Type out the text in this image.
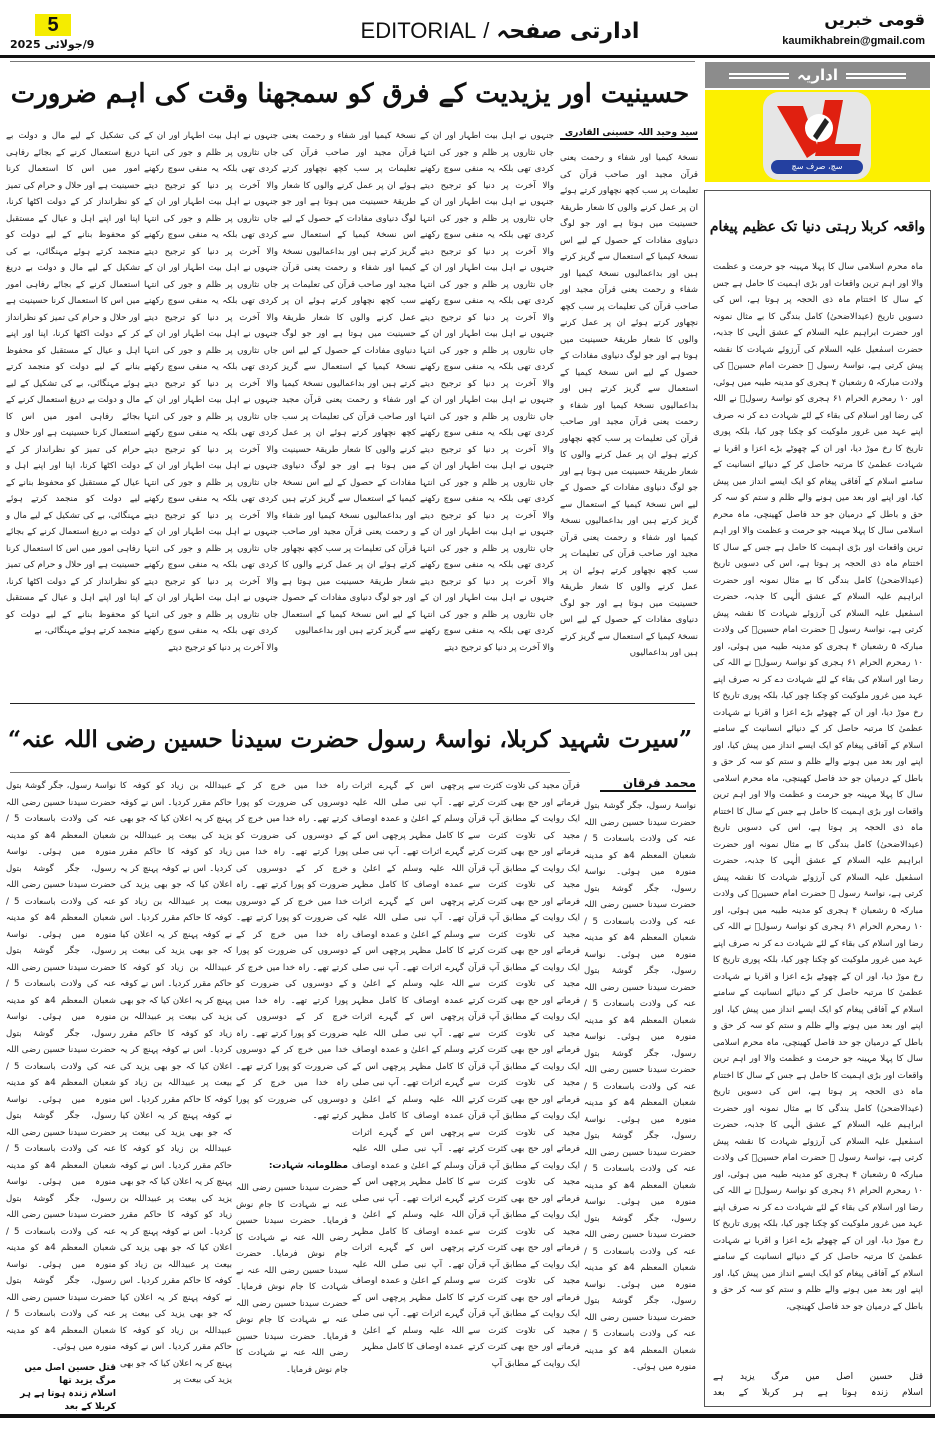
5
9/جولائی 2025
EDITORIAL / ادارتی صفحہ	قومی خبریں
kaumikhabrein@gmail.com
حسینیت اور یزیدیت کے فرق کو سمجھنا وقت کی اہم ضرورت
سید وحید اللہ حسینی القادری
نسخۂ کیمیا اور شفاء و رحمت یعنی قرآن مجید اور صاحب قرآن کی تعلیمات پر سب کچھ نچھاور کرتے ہوئے ان پر عمل کرنے والوں کا شعار طریقۂ حسینیت میں ہوتا ہے اور جو لوگ دنیاوی مفادات کے حصول کے لیے اس نسخۂ کیمیا کے استعمال سے گریز کرتے ہیں اور بداعمالیوں نسخۂ کیمیا اور شفاء و رحمت یعنی قرآن مجید اور صاحب قرآن کی تعلیمات پر سب کچھ نچھاور کرتے ہوئے ان پر عمل کرنے والوں کا شعار طریقۂ حسینیت میں ہوتا ہے اور جو لوگ دنیاوی مفادات کے حصول کے لیے اس نسخۂ کیمیا کے استعمال سے گریز کرتے ہیں اور بداعمالیوں نسخۂ کیمیا اور شفاء و رحمت یعنی قرآن مجید اور صاحب قرآن کی تعلیمات پر سب کچھ نچھاور کرتے ہوئے ان پر عمل کرنے والوں کا شعار طریقۂ حسینیت میں ہوتا ہے اور جو لوگ دنیاوی مفادات کے حصول کے لیے اس نسخۂ کیمیا کے استعمال سے گریز کرتے ہیں اور بداعمالیوں نسخۂ کیمیا اور شفاء و رحمت یعنی قرآن مجید اور صاحب قرآن کی تعلیمات پر سب کچھ نچھاور کرتے ہوئے ان پر عمل کرنے والوں کا شعار طریقۂ حسینیت میں ہوتا ہے اور جو لوگ دنیاوی مفادات کے حصول کے لیے اس نسخۂ کیمیا کے استعمال سے گریز کرتے ہیں اور بداعمالیوں
جنہوں نے اہل بیت اطہار اور ان کے جاں نثاروں پر ظلم و جور کی انتہا کردی تھی بلکہ یہ منفی سوچ رکھنے والا آخرت پر دنیا کو ترجیح دیتے جنہوں نے اہل بیت اطہار اور ان کے جاں نثاروں پر ظلم و جور کی انتہا کردی تھی بلکہ یہ منفی سوچ رکھنے والا آخرت پر دنیا کو ترجیح دیتے جنہوں نے اہل بیت اطہار اور ان کے جاں نثاروں پر ظلم و جور کی انتہا کردی تھی بلکہ یہ منفی سوچ رکھنے والا آخرت پر دنیا کو ترجیح دیتے جنہوں نے اہل بیت اطہار اور ان کے جاں نثاروں پر ظلم و جور کی انتہا کردی تھی بلکہ یہ منفی سوچ رکھنے والا آخرت پر دنیا کو ترجیح دیتے جنہوں نے اہل بیت اطہار اور ان کے جاں نثاروں پر ظلم و جور کی انتہا کردی تھی بلکہ یہ منفی سوچ رکھنے والا آخرت پر دنیا کو ترجیح دیتے جنہوں نے اہل بیت اطہار اور ان کے جاں نثاروں پر ظلم و جور کی انتہا کردی تھی بلکہ یہ منفی سوچ رکھنے والا آخرت پر دنیا کو ترجیح دیتے جنہوں نے اہل بیت اطہار اور ان کے جاں نثاروں پر ظلم و جور کی انتہا کردی تھی بلکہ یہ منفی سوچ رکھنے والا آخرت پر دنیا کو ترجیح دیتے جنہوں نے اہل بیت اطہار اور ان کے جاں نثاروں پر ظلم و جور کی انتہا کردی تھی بلکہ یہ منفی سوچ رکھنے والا آخرت پر دنیا کو ترجیح دیتے
نسخۂ کیمیا اور شفاء و رحمت یعنی قرآن مجید اور صاحب قرآن کی تعلیمات پر سب کچھ نچھاور کرتے ہوئے ان پر عمل کرنے والوں کا شعار طریقۂ حسینیت میں ہوتا ہے اور جو لوگ دنیاوی مفادات کے حصول کے لیے اس نسخۂ کیمیا کے استعمال سے گریز کرتے ہیں اور بداعمالیوں نسخۂ کیمیا اور شفاء و رحمت یعنی قرآن مجید اور صاحب قرآن کی تعلیمات پر سب کچھ نچھاور کرتے ہوئے ان پر عمل کرنے والوں کا شعار طریقۂ حسینیت میں ہوتا ہے اور جو لوگ دنیاوی مفادات کے حصول کے لیے اس نسخۂ کیمیا کے استعمال سے گریز کرتے ہیں اور بداعمالیوں نسخۂ کیمیا اور شفاء و رحمت یعنی قرآن مجید اور صاحب قرآن کی تعلیمات پر سب کچھ نچھاور کرتے ہوئے ان پر عمل کرنے والوں کا شعار طریقۂ حسینیت میں ہوتا ہے اور جو لوگ دنیاوی مفادات کے حصول کے لیے اس نسخۂ کیمیا کے استعمال سے گریز کرتے ہیں اور بداعمالیوں نسخۂ کیمیا اور شفاء و رحمت یعنی قرآن مجید اور صاحب قرآن کی تعلیمات پر سب کچھ نچھاور کرتے ہوئے ان پر عمل کرنے والوں کا شعار طریقۂ حسینیت میں ہوتا ہے اور جو لوگ دنیاوی مفادات کے حصول کے لیے اس نسخۂ کیمیا کے استعمال سے گریز کرتے ہیں اور بداعمالیوں
جنہوں نے اہل بیت اطہار اور ان کے جاں نثاروں پر ظلم و جور کی انتہا کردی تھی بلکہ یہ منفی سوچ رکھنے والا آخرت پر دنیا کو ترجیح دیتے جنہوں نے اہل بیت اطہار اور ان کے جاں نثاروں پر ظلم و جور کی انتہا کردی تھی بلکہ یہ منفی سوچ رکھنے والا آخرت پر دنیا کو ترجیح دیتے جنہوں نے اہل بیت اطہار اور ان کے جاں نثاروں پر ظلم و جور کی انتہا کردی تھی بلکہ یہ منفی سوچ رکھنے والا آخرت پر دنیا کو ترجیح دیتے جنہوں نے اہل بیت اطہار اور ان کے جاں نثاروں پر ظلم و جور کی انتہا کردی تھی بلکہ یہ منفی سوچ رکھنے والا آخرت پر دنیا کو ترجیح دیتے جنہوں نے اہل بیت اطہار اور ان کے جاں نثاروں پر ظلم و جور کی انتہا کردی تھی بلکہ یہ منفی سوچ رکھنے والا آخرت پر دنیا کو ترجیح دیتے جنہوں نے اہل بیت اطہار اور ان کے جاں نثاروں پر ظلم و جور کی انتہا کردی تھی بلکہ یہ منفی سوچ رکھنے والا آخرت پر دنیا کو ترجیح دیتے جنہوں نے اہل بیت اطہار اور ان کے جاں نثاروں پر ظلم و جور کی انتہا کردی تھی بلکہ یہ منفی سوچ رکھنے والا آخرت پر دنیا کو ترجیح دیتے جنہوں نے اہل بیت اطہار اور ان کے جاں نثاروں پر ظلم و جور کی انتہا کردی تھی بلکہ یہ منفی سوچ رکھنے والا آخرت پر دنیا کو ترجیح دیتے
کی تشکیل کے لیے مال و دولت بے دریغ استعمال کرنے کے بجائے رفاہی امور میں اس کا استعمال کرنا حسینیت ہے اور حلال و حرام کی تمیز کو نظرانداز کر کے دولت اکٹھا کرنا، اپنا اور اپنے اہل و عیال کے مستقبل کو محفوظ بنانے کے لیے دولت کو منجمد کرتے ہوئے مہنگائی، بے کی تشکیل کے لیے مال و دولت بے دریغ استعمال کرنے کے بجائے رفاہی امور میں اس کا استعمال کرنا حسینیت ہے اور حلال و حرام کی تمیز کو نظرانداز کر کے دولت اکٹھا کرنا، اپنا اور اپنے اہل و عیال کے مستقبل کو محفوظ بنانے کے لیے دولت کو منجمد کرتے ہوئے مہنگائی، بے کی تشکیل کے لیے مال و دولت بے دریغ استعمال کرنے کے بجائے رفاہی امور میں اس کا استعمال کرنا حسینیت ہے اور حلال و حرام کی تمیز کو نظرانداز کر کے دولت اکٹھا کرنا، اپنا اور اپنے اہل و عیال کے مستقبل کو محفوظ بنانے کے لیے دولت کو منجمد کرتے ہوئے مہنگائی، بے کی تشکیل کے لیے مال و دولت بے دریغ استعمال کرنے کے بجائے رفاہی امور میں اس کا استعمال کرنا حسینیت ہے اور حلال و حرام کی تمیز کو نظرانداز کر کے دولت اکٹھا کرنا، اپنا اور اپنے اہل و عیال کے مستقبل کو محفوظ بنانے کے لیے دولت کو منجمد کرتے ہوئے مہنگائی، بے
اداریہ
سچ، صرف سچ
واقعہ کربلا رہتی دنیا تک عظیم پیغام
ماہ محرم اسلامی سال کا پہلا مہینہ جو حرمت و عظمت والا اور اہم ترین واقعات اور بڑی اہمیت کا حامل ہے جس کے سال کا اختتام ماہ ذی الحجہ پر ہوتا ہے، اس کی دسویں تاریخ (عیدالاضحیٰ) کامل بندگی کا بے مثال نمونہ اور حضرت ابراہیم علیہ السلام کے عشق الٰہی کا جذبہ، حضرت اسمٰعیل علیہ السلام کی آرزوئے شہادت کا نقشہ پیش کرتی ہے، نواسۂ رسول ﷺ حضرت امام حسینؓ کی ولادت مبارکہ ۵ رشعبان ۴ ہجری کو مدینہ طیبہ میں ہوئی، اور ۱۰ رمحرم الحرام ۶۱ ہجری کو نواسۂ رسولؐ نے اللہ کی رضا اور اسلام کی بقاء کے لئے شہادت دے کر نہ صرف اپنے عہد میں غرور ملوکیت کو چکنا چور کیا، بلکہ پوری تاریخ کا رخ موڑ دیا، اور ان کے چھوٹے بڑے اعزا و اقربا نے شہادت عظمیٰ کا مرتبہ حاصل کر کے دنیائے انسانیت کے سامنے اسلام کے آفاقی پیغام کو ایک ایسے انداز میں پیش کیا، اور اپنے اور بعد میں ہونے والے ظلم و ستم کو سہ کر حق و باطل کے درمیان جو حد فاصل کھینچی، ماہ محرم اسلامی سال کا پہلا مہینہ جو حرمت و عظمت والا اور اہم ترین واقعات اور بڑی اہمیت کا حامل ہے جس کے سال کا اختتام ماہ ذی الحجہ پر ہوتا ہے، اس کی دسویں تاریخ (عیدالاضحیٰ) کامل بندگی کا بے مثال نمونہ اور حضرت ابراہیم علیہ السلام کے عشق الٰہی کا جذبہ، حضرت اسمٰعیل علیہ السلام کی آرزوئے شہادت کا نقشہ پیش کرتی ہے، نواسۂ رسول ﷺ حضرت امام حسینؓ کی ولادت مبارکہ ۵ رشعبان ۴ ہجری کو مدینہ طیبہ میں ہوئی، اور ۱۰ رمحرم الحرام ۶۱ ہجری کو نواسۂ رسولؐ نے اللہ کی رضا اور اسلام کی بقاء کے لئے شہادت دے کر نہ صرف اپنے عہد میں غرور ملوکیت کو چکنا چور کیا، بلکہ پوری تاریخ کا رخ موڑ دیا، اور ان کے چھوٹے بڑے اعزا و اقربا نے شہادت عظمیٰ کا مرتبہ حاصل کر کے دنیائے انسانیت کے سامنے اسلام کے آفاقی پیغام کو ایک ایسے انداز میں پیش کیا، اور اپنے اور بعد میں ہونے والے ظلم و ستم کو سہ کر حق و باطل کے درمیان جو حد فاصل کھینچی، ماہ محرم اسلامی سال کا پہلا مہینہ جو حرمت و عظمت والا اور اہم ترین واقعات اور بڑی اہمیت کا حامل ہے جس کے سال کا اختتام ماہ ذی الحجہ پر ہوتا ہے، اس کی دسویں تاریخ (عیدالاضحیٰ) کامل بندگی کا بے مثال نمونہ اور حضرت ابراہیم علیہ السلام کے عشق الٰہی کا جذبہ، حضرت اسمٰعیل علیہ السلام کی آرزوئے شہادت کا نقشہ پیش کرتی ہے، نواسۂ رسول ﷺ حضرت امام حسینؓ کی ولادت مبارکہ ۵ رشعبان ۴ ہجری کو مدینہ طیبہ میں ہوئی، اور ۱۰ رمحرم الحرام ۶۱ ہجری کو نواسۂ رسولؐ نے اللہ کی رضا اور اسلام کی بقاء کے لئے شہادت دے کر نہ صرف اپنے عہد میں غرور ملوکیت کو چکنا چور کیا، بلکہ پوری تاریخ کا رخ موڑ دیا، اور ان کے چھوٹے بڑے اعزا و اقربا نے شہادت عظمیٰ کا مرتبہ حاصل کر کے دنیائے انسانیت کے سامنے اسلام کے آفاقی پیغام کو ایک ایسے انداز میں پیش کیا، اور اپنے اور بعد میں ہونے والے ظلم و ستم کو سہ کر حق و باطل کے درمیان جو حد فاصل کھینچی، ماہ محرم اسلامی سال کا پہلا مہینہ جو حرمت و عظمت والا اور اہم ترین واقعات اور بڑی اہمیت کا حامل ہے جس کے سال کا اختتام ماہ ذی الحجہ پر ہوتا ہے، اس کی دسویں تاریخ (عیدالاضحیٰ) کامل بندگی کا بے مثال نمونہ اور حضرت ابراہیم علیہ السلام کے عشق الٰہی کا جذبہ، حضرت اسمٰعیل علیہ السلام کی آرزوئے شہادت کا نقشہ پیش کرتی ہے، نواسۂ رسول ﷺ حضرت امام حسینؓ کی ولادت مبارکہ ۵ رشعبان ۴ ہجری کو مدینہ طیبہ میں ہوئی، اور ۱۰ رمحرم الحرام ۶۱ ہجری کو نواسۂ رسولؐ نے اللہ کی رضا اور اسلام کی بقاء کے لئے شہادت دے کر نہ صرف اپنے عہد میں غرور ملوکیت کو چکنا چور کیا، بلکہ پوری تاریخ کا رخ موڑ دیا، اور ان کے چھوٹے بڑے اعزا و اقربا نے شہادت عظمیٰ کا مرتبہ حاصل کر کے دنیائے انسانیت کے سامنے اسلام کے آفاقی پیغام کو ایک ایسے انداز میں پیش کیا، اور اپنے اور بعد میں ہونے والے ظلم و ستم کو سہ کر حق و باطل کے درمیان جو حد فاصل کھینچی،
قتل
حسین
اصل
میں
مرگ
یزید
ہے
اسلام
زندہ
ہوتا
ہے
ہر
کربلا
کے
بعد
”سیرت شہید کربلا، نواسۂ رسول حضرت سیدنا حسین رضی اللہ عنہ“
محمد فرقان
نواسۂ رسول، جگر گوشۂ بتول حضرت سیدنا حسین رضی اللہ عنہ کی ولادت باسعادت 5 / شعبان المعظم 4ھ کو مدینہ منورہ میں ہوئی۔ نواسۂ رسول، جگر گوشۂ بتول حضرت سیدنا حسین رضی اللہ عنہ کی ولادت باسعادت 5 / شعبان المعظم 4ھ کو مدینہ منورہ میں ہوئی۔ نواسۂ رسول، جگر گوشۂ بتول حضرت سیدنا حسین رضی اللہ عنہ کی ولادت باسعادت 5 / شعبان المعظم 4ھ کو مدینہ منورہ میں ہوئی۔ نواسۂ رسول، جگر گوشۂ بتول حضرت سیدنا حسین رضی اللہ عنہ کی ولادت باسعادت 5 / شعبان المعظم 4ھ کو مدینہ منورہ میں ہوئی۔ نواسۂ رسول، جگر گوشۂ بتول حضرت سیدنا حسین رضی اللہ عنہ کی ولادت باسعادت 5 / شعبان المعظم 4ھ کو مدینہ منورہ میں ہوئی۔ نواسۂ رسول، جگر گوشۂ بتول حضرت سیدنا حسین رضی اللہ عنہ کی ولادت باسعادت 5 / شعبان المعظم 4ھ کو مدینہ منورہ میں ہوئی۔ نواسۂ رسول، جگر گوشۂ بتول حضرت سیدنا حسین رضی اللہ عنہ کی ولادت باسعادت 5 / شعبان المعظم 4ھ کو مدینہ منورہ میں ہوئی۔
قرآن مجید کی تلاوت کثرت سے فرماتے اور حج بھی کثرت کرتے ایک روایت کے مطابق آپ قرآن مجید کی تلاوت کثرت سے فرماتے اور حج بھی کثرت کرتے ایک روایت کے مطابق آپ قرآن مجید کی تلاوت کثرت سے فرماتے اور حج بھی کثرت کرتے ایک روایت کے مطابق آپ قرآن مجید کی تلاوت کثرت سے فرماتے اور حج بھی کثرت کرتے ایک روایت کے مطابق آپ قرآن مجید کی تلاوت کثرت سے فرماتے اور حج بھی کثرت کرتے ایک روایت کے مطابق آپ قرآن مجید کی تلاوت کثرت سے فرماتے اور حج بھی کثرت کرتے ایک روایت کے مطابق آپ قرآن مجید کی تلاوت کثرت سے فرماتے اور حج بھی کثرت کرتے ایک روایت کے مطابق آپ قرآن مجید کی تلاوت کثرت سے فرماتے اور حج بھی کثرت کرتے ایک روایت کے مطابق آپ قرآن مجید کی تلاوت کثرت سے فرماتے اور حج بھی کثرت کرتے ایک روایت کے مطابق آپ قرآن مجید کی تلاوت کثرت سے فرماتے اور حج بھی کثرت کرتے ایک روایت کے مطابق آپ قرآن مجید کی تلاوت کثرت سے فرماتے اور حج بھی کثرت کرتے ایک روایت کے مطابق آپ قرآن مجید کی تلاوت کثرت سے فرماتے اور حج بھی کثرت کرتے ایک روایت کے مطابق آپ
پرچھی اس کے گہرے اثرات تھے۔ آپ نبی صلی اللہ علیہ وسلم کے اعلیٰ و عمدہ اوصاف کا کامل مظہر پرچھی اس کے گہرے اثرات تھے۔ آپ نبی صلی اللہ علیہ وسلم کے اعلیٰ و عمدہ اوصاف کا کامل مظہر پرچھی اس کے گہرے اثرات تھے۔ آپ نبی صلی اللہ علیہ وسلم کے اعلیٰ و عمدہ اوصاف کا کامل مظہر پرچھی اس کے گہرے اثرات تھے۔ آپ نبی صلی اللہ علیہ وسلم کے اعلیٰ و عمدہ اوصاف کا کامل مظہر پرچھی اس کے گہرے اثرات تھے۔ آپ نبی صلی اللہ علیہ وسلم کے اعلیٰ و عمدہ اوصاف کا کامل مظہر پرچھی اس کے گہرے اثرات تھے۔ آپ نبی صلی اللہ علیہ وسلم کے اعلیٰ و عمدہ اوصاف کا کامل مظہر پرچھی اس کے گہرے اثرات تھے۔ آپ نبی صلی اللہ علیہ وسلم کے اعلیٰ و عمدہ اوصاف کا کامل مظہر پرچھی اس کے گہرے اثرات تھے۔ آپ نبی صلی اللہ علیہ وسلم کے اعلیٰ و عمدہ اوصاف کا کامل مظہر پرچھی اس کے گہرے اثرات تھے۔ آپ نبی صلی اللہ علیہ وسلم کے اعلیٰ و عمدہ اوصاف کا کامل مظہر پرچھی اس کے گہرے اثرات تھے۔ آپ نبی صلی اللہ علیہ وسلم کے اعلیٰ و عمدہ اوصاف کا کامل مظہر
راہ خدا میں خرچ کر کے دوسروں کی ضرورت کو پورا کرتے تھے۔ راہ خدا میں خرچ کر کے دوسروں کی ضرورت کو پورا کرتے تھے۔ راہ خدا میں خرچ کر کے دوسروں کی ضرورت کو پورا کرتے تھے۔ راہ خدا میں خرچ کر کے دوسروں کی ضرورت کو پورا کرتے تھے۔ راہ خدا میں خرچ کر کے دوسروں کی ضرورت کو پورا کرتے تھے۔ راہ خدا میں خرچ کر کے دوسروں کی ضرورت کو پورا کرتے تھے۔ راہ خدا میں خرچ کر کے دوسروں کی ضرورت کو پورا کرتے تھے۔ راہ خدا میں خرچ کر کے دوسروں کی ضرورت کو پورا کرتے تھے۔ راہ خدا میں خرچ کر کے دوسروں کی ضرورت کو پورا کرتے تھے۔
مظلومانہ شہادت:
حضرت سیدنا حسین رضی اللہ عنہ نے شہادت کا جام نوش فرمایا۔ حضرت سیدنا حسین رضی اللہ عنہ نے شہادت کا جام نوش فرمایا۔ حضرت سیدنا حسین رضی اللہ عنہ نے شہادت کا جام نوش فرمایا۔ حضرت سیدنا حسین رضی اللہ عنہ نے شہادت کا جام نوش فرمایا۔ حضرت سیدنا حسین رضی اللہ عنہ نے شہادت کا جام نوش فرمایا۔
عبیداللہ بن زیاد کو کوفہ کا حاکم مقرر کردیا۔ اس نے کوفہ پہنچ کر یہ اعلان کیا کہ جو بھی یزید کی بیعت پر عبیداللہ بن زیاد کو کوفہ کا حاکم مقرر کردیا۔ اس نے کوفہ پہنچ کر یہ اعلان کیا کہ جو بھی یزید کی بیعت پر عبیداللہ بن زیاد کو کوفہ کا حاکم مقرر کردیا۔ اس نے کوفہ پہنچ کر یہ اعلان کیا کہ جو بھی یزید کی بیعت پر عبیداللہ بن زیاد کو کوفہ کا حاکم مقرر کردیا۔ اس نے کوفہ پہنچ کر یہ اعلان کیا کہ جو بھی یزید کی بیعت پر عبیداللہ بن زیاد کو کوفہ کا حاکم مقرر کردیا۔ اس نے کوفہ پہنچ کر یہ اعلان کیا کہ جو بھی یزید کی بیعت پر عبیداللہ بن زیاد کو کوفہ کا حاکم مقرر کردیا۔ اس نے کوفہ پہنچ کر یہ اعلان کیا کہ جو بھی یزید کی بیعت پر عبیداللہ بن زیاد کو کوفہ کا حاکم مقرر کردیا۔ اس نے کوفہ پہنچ کر یہ اعلان کیا کہ جو بھی یزید کی بیعت پر عبیداللہ بن زیاد کو کوفہ کا حاکم مقرر کردیا۔ اس نے کوفہ پہنچ کر یہ اعلان کیا کہ جو بھی یزید کی بیعت پر عبیداللہ بن زیاد کو کوفہ کا حاکم مقرر کردیا۔ اس نے کوفہ پہنچ کر یہ اعلان کیا کہ جو بھی یزید کی بیعت پر عبیداللہ بن زیاد کو کوفہ کا حاکم مقرر کردیا۔ اس نے کوفہ پہنچ کر یہ اعلان کیا کہ جو بھی یزید کی بیعت پر
نواسۂ رسول، جگر گوشۂ بتول حضرت سیدنا حسین رضی اللہ عنہ کی ولادت باسعادت 5 / شعبان المعظم 4ھ کو مدینہ منورہ میں ہوئی۔ نواسۂ رسول، جگر گوشۂ بتول حضرت سیدنا حسین رضی اللہ عنہ کی ولادت باسعادت 5 / شعبان المعظم 4ھ کو مدینہ منورہ میں ہوئی۔ نواسۂ رسول، جگر گوشۂ بتول حضرت سیدنا حسین رضی اللہ عنہ کی ولادت باسعادت 5 / شعبان المعظم 4ھ کو مدینہ منورہ میں ہوئی۔ نواسۂ رسول، جگر گوشۂ بتول حضرت سیدنا حسین رضی اللہ عنہ کی ولادت باسعادت 5 / شعبان المعظم 4ھ کو مدینہ منورہ میں ہوئی۔ نواسۂ رسول، جگر گوشۂ بتول حضرت سیدنا حسین رضی اللہ عنہ کی ولادت باسعادت 5 / شعبان المعظم 4ھ کو مدینہ منورہ میں ہوئی۔ نواسۂ رسول، جگر گوشۂ بتول حضرت سیدنا حسین رضی اللہ عنہ کی ولادت باسعادت 5 / شعبان المعظم 4ھ کو مدینہ منورہ میں ہوئی۔ نواسۂ رسول، جگر گوشۂ بتول حضرت سیدنا حسین رضی اللہ عنہ کی ولادت باسعادت 5 / شعبان المعظم 4ھ کو مدینہ منورہ میں ہوئی۔
قتل حسین اصل میں مرگ یزید تھا
اسلام زندہ ہوتا ہے ہر کربلا کے بعد
